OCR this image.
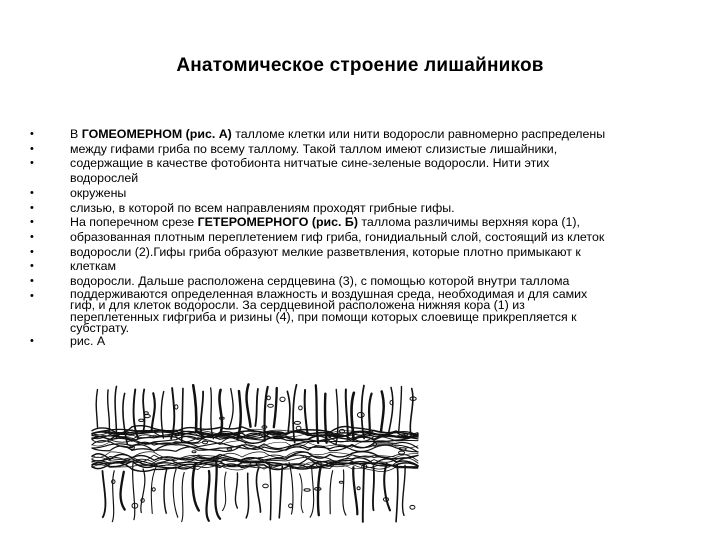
Анатомическое строение лишайников
•
•
•
•
•
•
•
•
•
•
•
•
В ГОМЕОМЕРНОМ (рис. А) талломе клетки или нити водоросли равномерно распределены
между гифами гриба по всему таллому. Такой таллом имеют слизистые лишайники,
содержащие в качестве фотобионта нитчатые сине-зеленые водоросли. Нити этих
водорослей
окружены
слизью, в которой по всем направлениям проходят грибные гифы.
На поперечном срезе ГЕТЕРОМЕРНОГО (рис. Б) таллома различимы верхняя кора (1),
образованная плотным переплетением гиф гриба, гонидиальный слой, состоящий из клеток
водоросли (2).Гифы гриба образуют мелкие разветвления, которые плотно примыкают к
клеткам
водоросли. Дальше расположена сердцевина (3), с помощью которой внутри таллома
поддерживаются определенная влажность и воздушная среда, необходимая и для самих
гиф, и для клеток водоросли. За сердцевиной расположена нижняя кора (1) из
переплетенных гифгриба и ризины (4), при помощи которых слоевище прикрепляется к
субстрату.
рис. А
